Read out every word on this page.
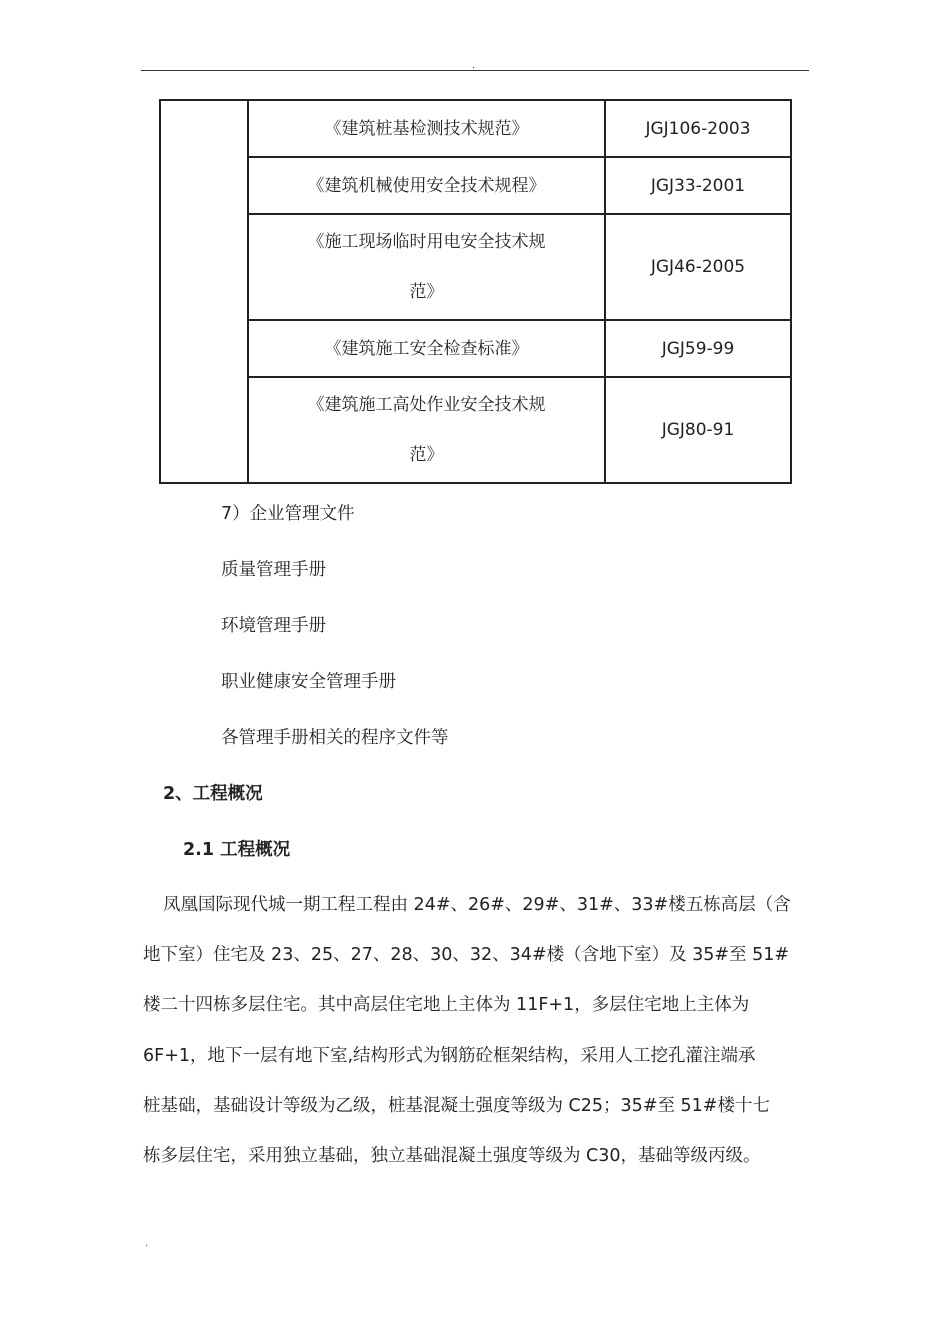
.
	《建筑桩基检测技术规范》	JGJ106-2003
	《建筑机械使用安全技术规程》	JGJ33-2001

	《施工现场临时用电安全技术规
范》	JGJ46-2005
	《建筑施工安全检查标准》	JGJ59-99

	《建筑施工高处作业安全技术规
范》	JGJ80-91
7）企业管理文件
质量管理手册
环境管理手册
职业健康安全管理手册
各管理手册相关的程序文件等
2、工程概况
2.1 工程概况
凤凰国际现代城一期工程工程由 24#、26#、29#、31#、33#楼五栋高层（含
地下室）住宅及 23、25、27、28、30、32、34#楼（含地下室）及 35#至 51#
楼二十四栋多层住宅。其中高层住宅地上主体为 11F+1，多层住宅地上主体为
6F+1，地下一层有地下室,结构形式为钢筋砼框架结构，采用人工挖孔灌注端承
桩基础，基础设计等级为乙级，桩基混凝土强度等级为 C25；35#至 51#楼十七
栋多层住宅，采用独立基础，独立基础混凝土强度等级为 C30，基础等级丙级。
.
